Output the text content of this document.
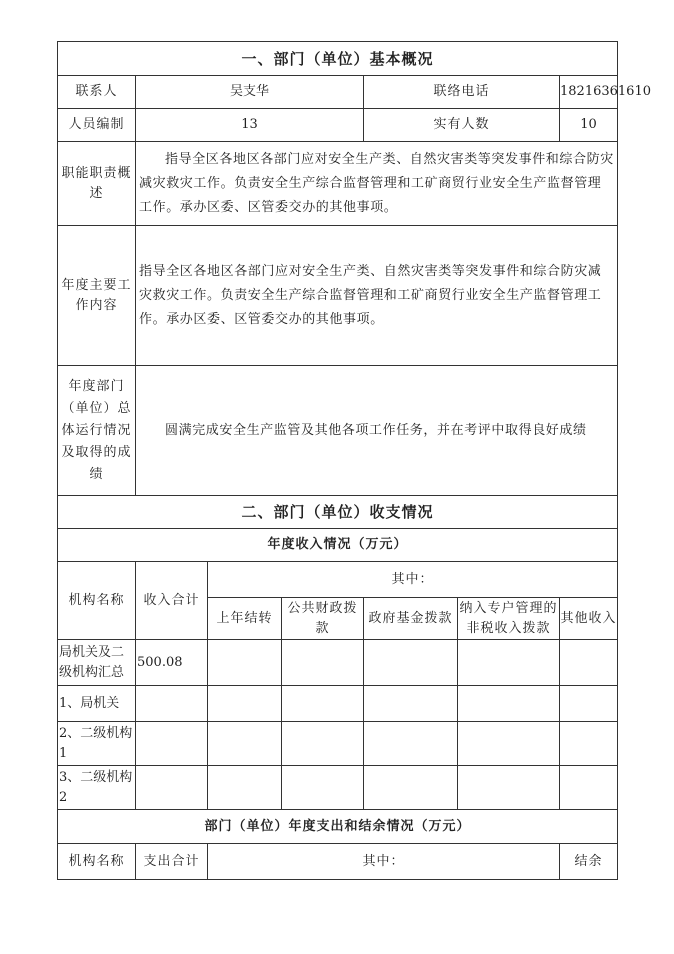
一、部门（单位）基本概况						
联系人	吴支华			联络电话		18216361610
人员编制	13			实有人数		10
职能职责概述	指导全区各地区各部门应对安全生产类、自然灾害类等突发事件和综合防灾减灾救灾工作。负责安全生产综合监督管理和工矿商贸行业安全生产监督管理工作。承办区委、区管委交办的其他事项。					
年度主要工作内容	指导全区各地区各部门应对安全生产类、自然灾害类等突发事件和综合防灾减灾救灾工作。负责安全生产综合监督管理和工矿商贸行业安全生产监督管理工作。承办区委、区管委交办的其他事项。					
年度部门（单位）总体运行情况及取得的成绩	圆满完成安全生产监管及其他各项工作任务，并在考评中取得良好成绩					
二、部门（单位）收支情况						
年度收入情况（万元）						
机构名称	收入合计	其中：				
		上年结转	公共财政拨款	政府基金拨款	纳入专户管理的非税收入拨款	其他收入
局机关及二级机构汇总	500.08					
1、局机关						
2、二级机构1						
3、二级机构2						
部门（单位）年度支出和结余情况（万元）						
机构名称	支出合计	其中：				结余
